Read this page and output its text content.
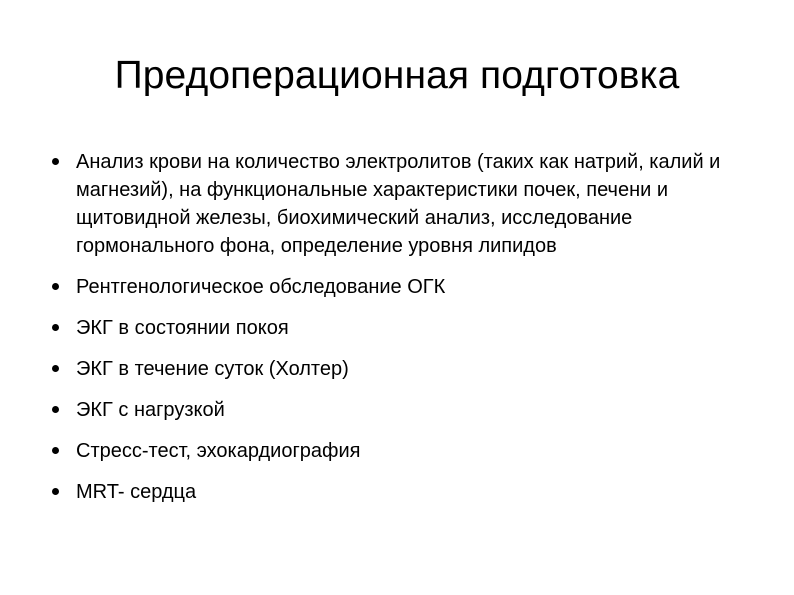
Предоперационная подготовка
Анализ крови на количество электролитов (таких как натрий, калий и магнезий), на функциональные характеристики почек, печени и щитовидной железы, биохимический анализ, исследование гормонального фона, определение уровня липидов
Рентгенологическое обследование ОГК
ЭКГ в состоянии покоя
ЭКГ в течение суток (Холтер)
ЭКГ с нагрузкой
Стресс-тест, эхокардиография
MRT- сердца
